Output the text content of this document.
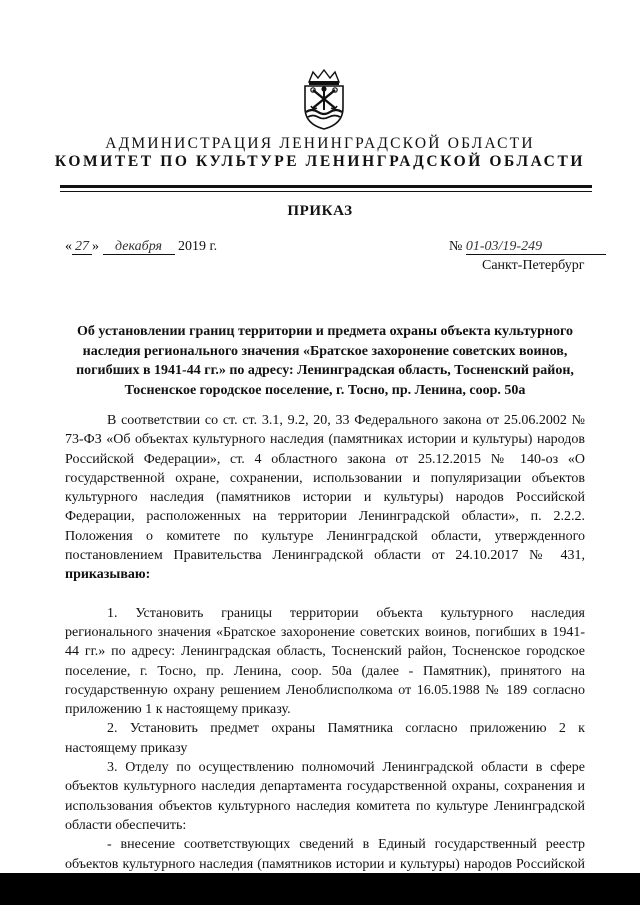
АДМИНИСТРАЦИЯ ЛЕНИНГРАДСКОЙ ОБЛАСТИ
КОМИТЕТ ПО КУЛЬТУРЕ ЛЕНИНГРАДСКОЙ ОБЛАСТИ
ПРИКАЗ
« 27 » декабря 2019 г.	№ 01-03/19-249
Санкт-Петербург
Об установлении границ территории и предмета охраны объекта культурного наследия регионального значения «Братское захоронение советских воинов, погибших в 1941-44 гг.» по адресу: Ленинградская область, Тосненский район, Тосненское городское поселение, г. Тосно, пр. Ленина, соор. 50а

В соответствии со ст. ст. 3.1, 9.2, 20, 33 Федерального закона от 25.06.2002 № 73-ФЗ «Об объектах культурного наследия (памятниках истории и культуры) народов Российской Федерации», ст. 4 областного закона от 25.12.2015 № 140-оз «О государственной охране, сохранении, использовании и популяризации объектов культурного наследия (памятников истории и культуры) народов Российской Федерации, расположенных на территории Ленинградской области», п. 2.2.2. Положения о комитете по культуре Ленинградской области, утвержденного постановлением Правительства Ленинградской области от 24.10.2017 № 431, приказываю:

1. Установить границы территории объекта культурного наследия регионального значения «Братское захоронение советских воинов, погибших в 1941-44 гг.» по адресу: Ленинградская область, Тосненский район, Тосненское городское поселение, г. Тосно, пр. Ленина, соор. 50а (далее - Памятник), принятого на государственную охрану решением Леноблисполкома от 16.05.1988 № 189 согласно приложению 1 к настоящему приказу.

2. Установить предмет охраны Памятника согласно приложению 2 к настоящему приказу

3. Отделу по осуществлению полномочий Ленинградской области в сфере объектов культурного наследия департамента государственной охраны, сохранения и использования объектов культурного наследия комитета по культуре Ленинградской области обеспечить:

- внесение соответствующих сведений в Единый государственный реестр объектов культурного наследия (памятников истории и культуры) народов Российской
